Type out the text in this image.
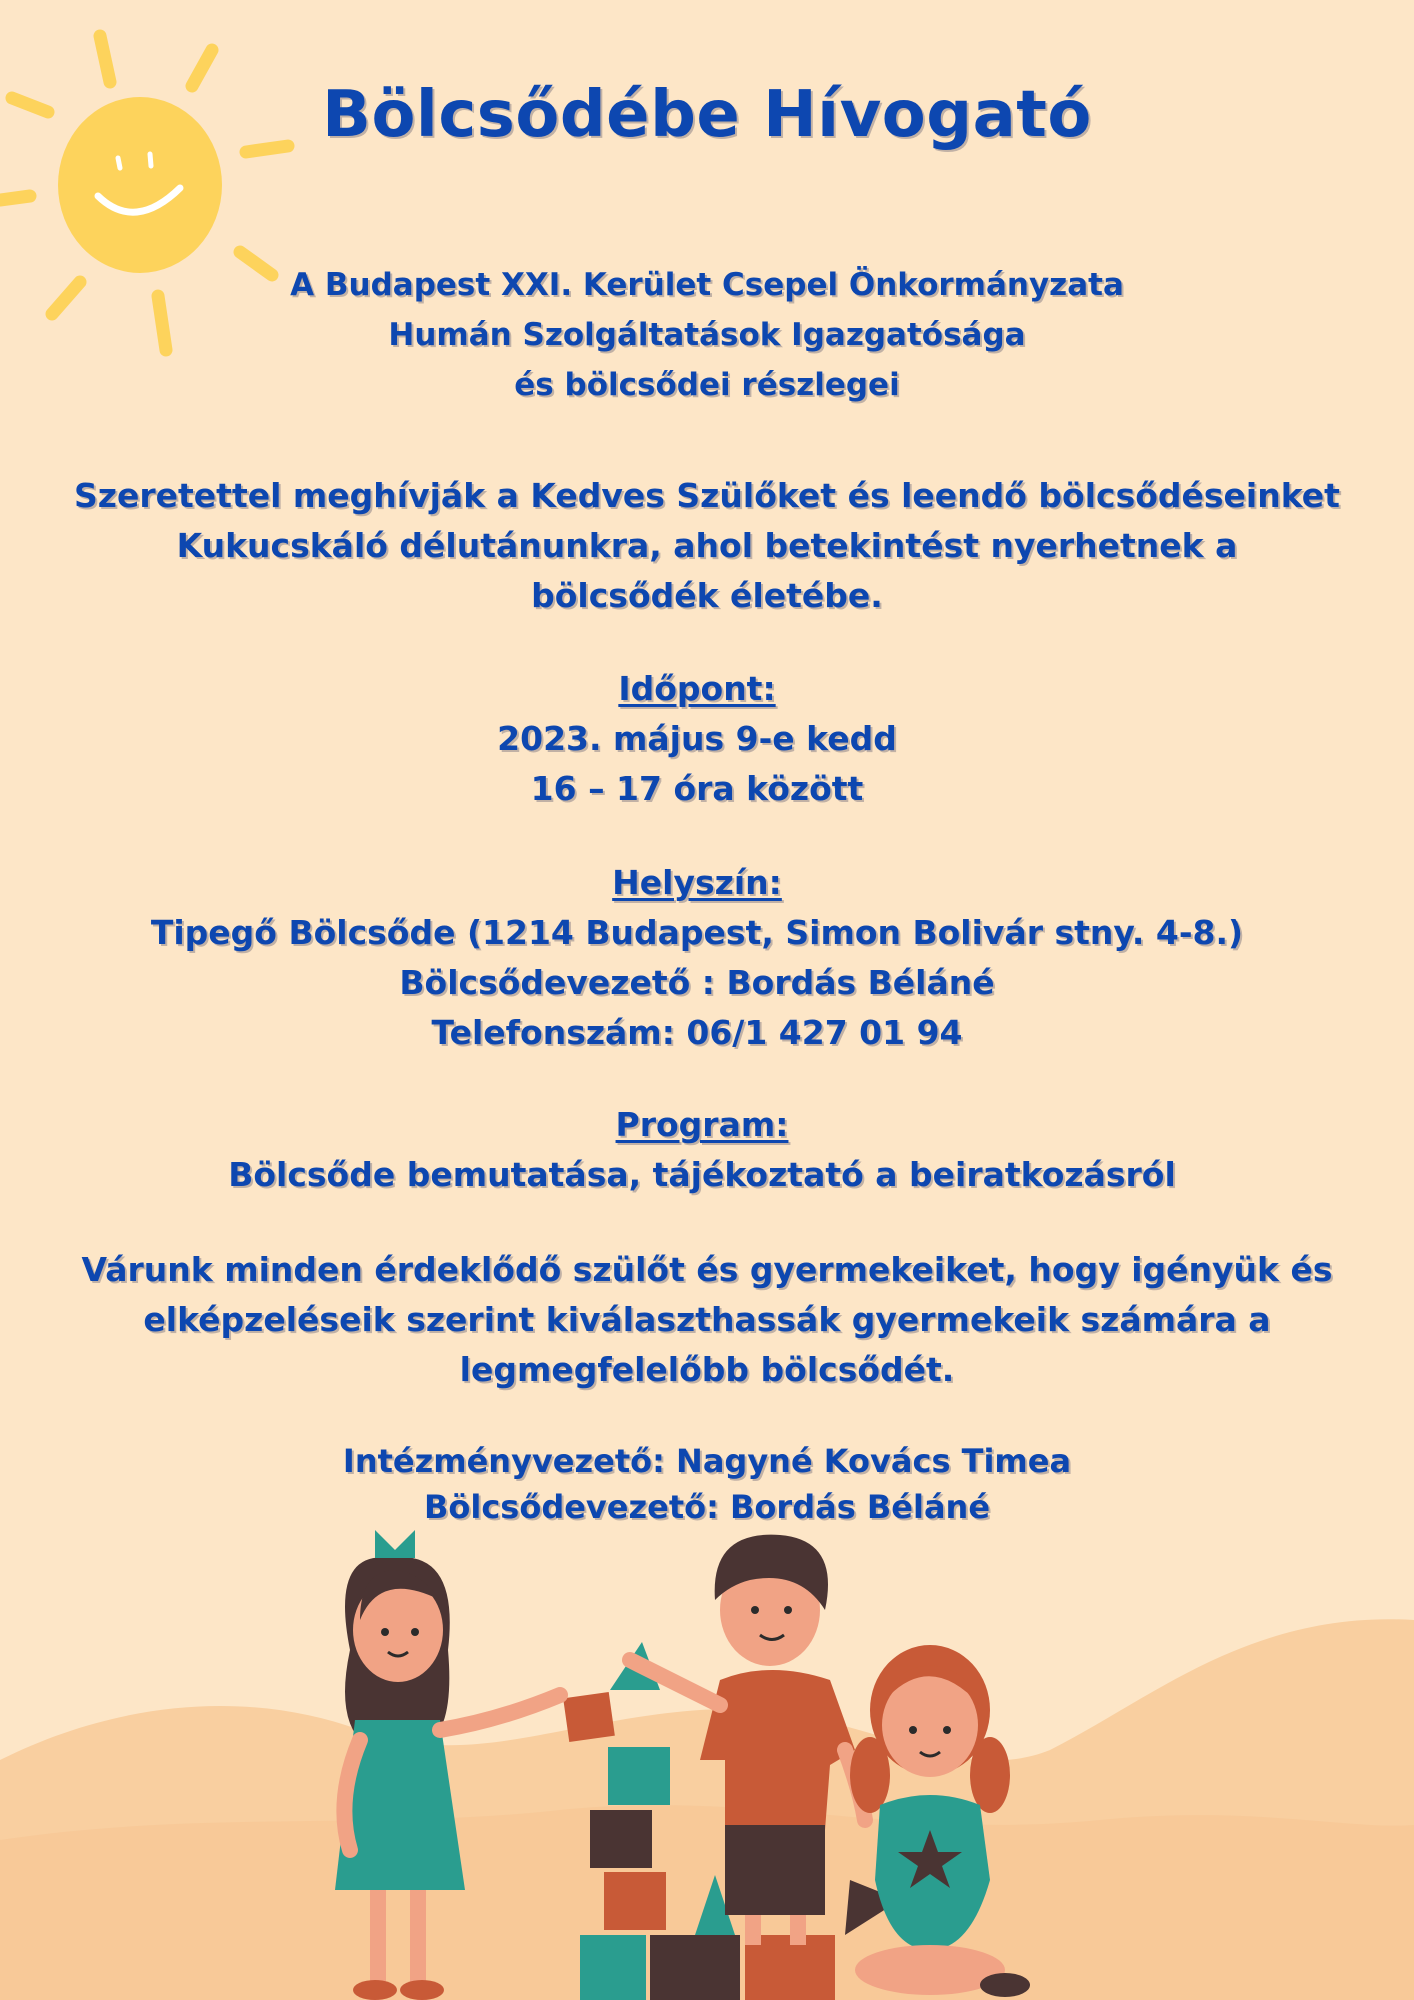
Bölcsődébe Hívogató
A Budapest XXI. Kerület Csepel Önkormányzata
Humán Szolgáltatások Igazgatósága
és bölcsődei részlegei
Szeretettel meghívják a Kedves Szülőket és leendő bölcsődéseinket
Kukucskáló délutánunkra, ahol betekintést nyerhetnek a
bölcsődék életébe.
Időpont:
2023. május 9-e kedd
16 – 17 óra között
Helyszín:
Tipegő Bölcsőde (1214 Budapest, Simon Bolivár stny. 4-8.)
Bölcsődevezető : Bordás Béláné
Telefonszám: 06/1 427 01 94
Program:
Bölcsőde bemutatása, tájékoztató a beiratkozásról
Várunk minden érdeklődő szülőt és gyermekeiket, hogy igényük és
elképzeléseik szerint kiválaszthassák gyermekeik számára a
legmegfelelőbb bölcsődét.
Intézményvezető: Nagyné Kovács Timea
Bölcsődevezető: Bordás Béláné
